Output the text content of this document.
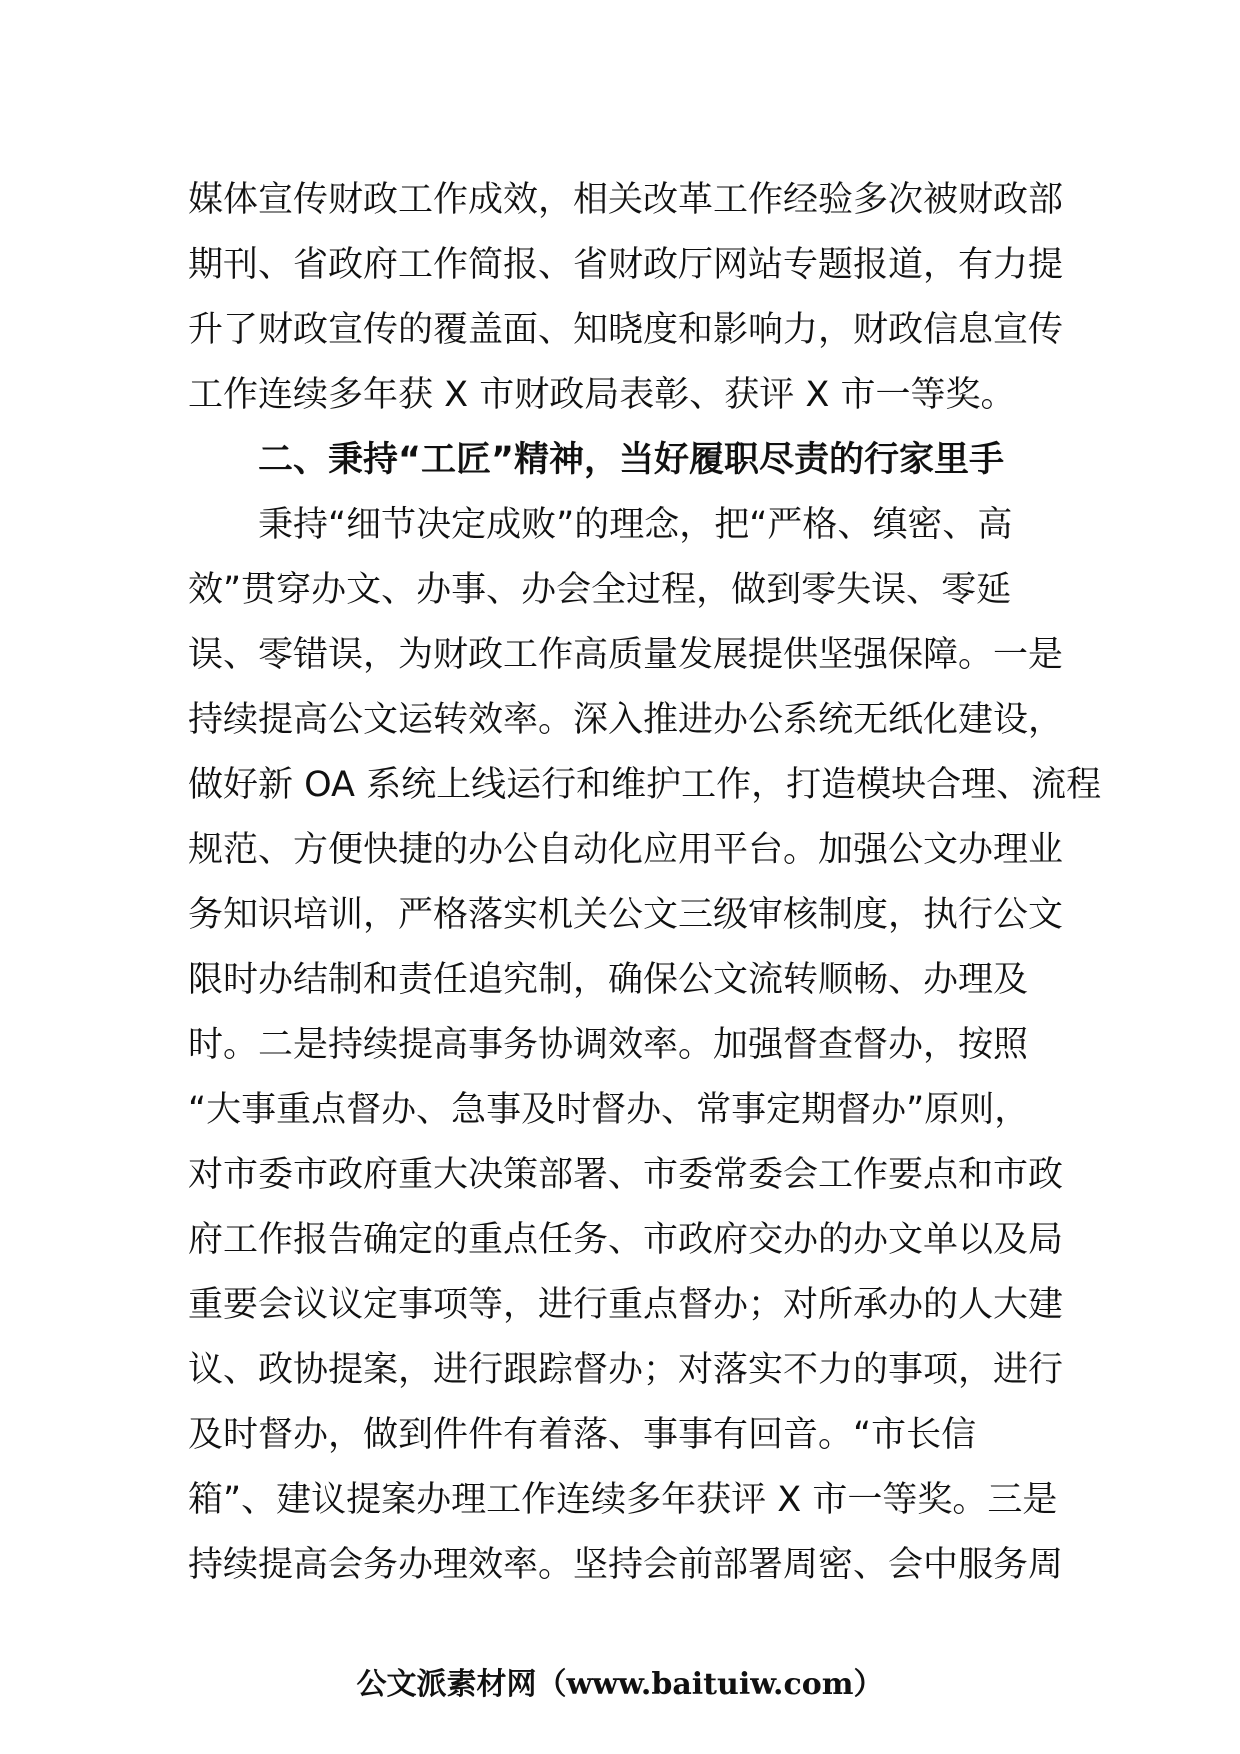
媒体宣传财政工作成效，相关改革工作经验多次被财政部
期刊、省政府工作简报、省财政厅网站专题报道，有力提
升了财政宣传的覆盖面、知晓度和影响力，财政信息宣传
工作连续多年获 X 市财政局表彰、获评 X 市一等奖。
二、秉持“工匠”精神，当好履职尽责的行家里手
秉持“细节决定成败”的理念，把“严格、缜密、高
效”贯穿办文、办事、办会全过程，做到零失误、零延
误、零错误，为财政工作高质量发展提供坚强保障。一是
持续提高公文运转效率。深入推进办公系统无纸化建设，
做好新 OA 系统上线运行和维护工作，打造模块合理、流程
规范、方便快捷的办公自动化应用平台。加强公文办理业
务知识培训，严格落实机关公文三级审核制度，执行公文
限时办结制和责任追究制，确保公文流转顺畅、办理及
时。二是持续提高事务协调效率。加强督查督办，按照
“大事重点督办、急事及时督办、常事定期督办”原则，
对市委市政府重大决策部署、市委常委会工作要点和市政
府工作报告确定的重点任务、市政府交办的办文单以及局
重要会议议定事项等，进行重点督办；对所承办的人大建
议、政协提案，进行跟踪督办；对落实不力的事项，进行
及时督办，做到件件有着落、事事有回音。“市长信
箱”、建议提案办理工作连续多年获评 X 市一等奖。三是
持续提高会务办理效率。坚持会前部署周密、会中服务周
公文派素材网（www.baituiw.com）
